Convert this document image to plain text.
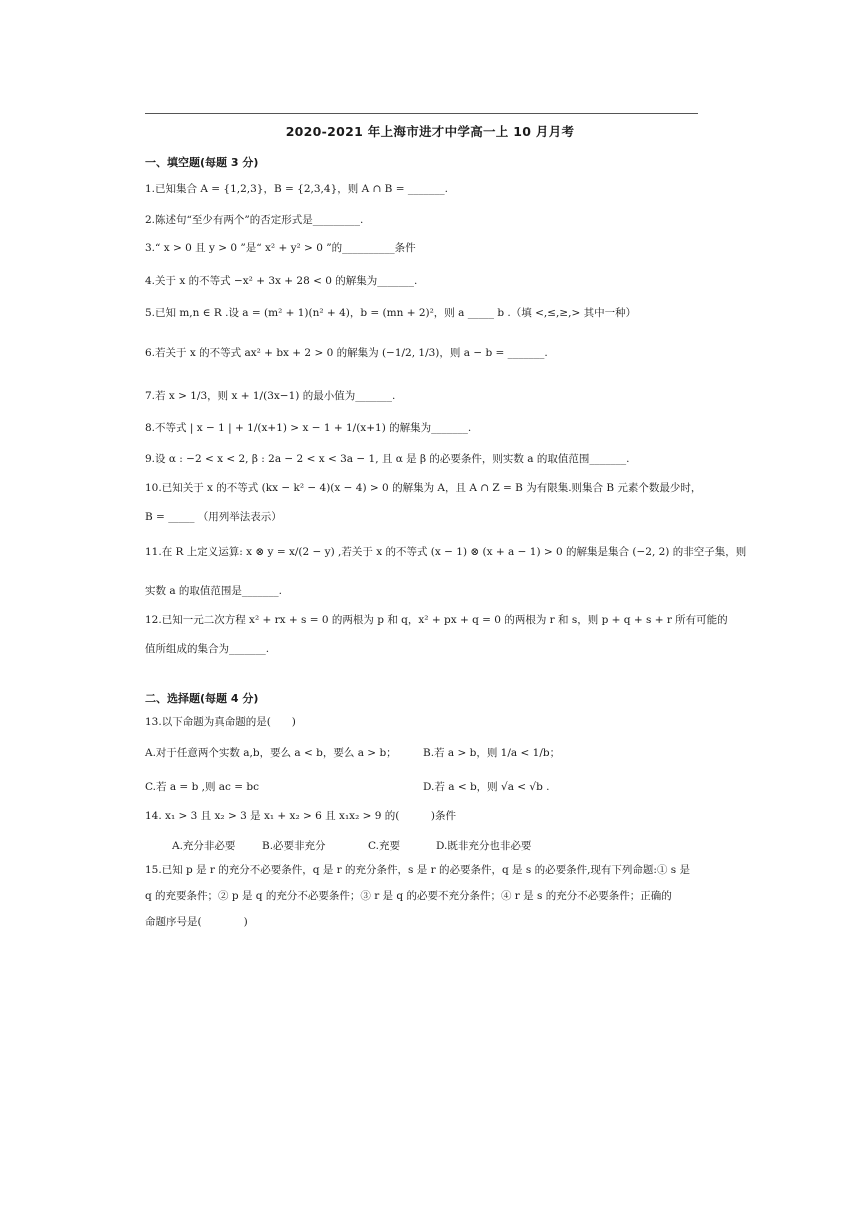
2020-2021 年上海市进才中学高一上 10 月月考
一、填空题(每题 3 分)
1.已知集合 A = {1,2,3}，B = {2,3,4}，则 A ∩ B = _______.
2.陈述句“至少有两个”的否定形式是_________.
3.“ x > 0 且 y > 0 ”是“ x² + y² > 0 ”的__________条件
4.关于 x 的不等式 −x² + 3x + 28 < 0 的解集为_______.
5.已知 m,n ∈ R .设 a = (m² + 1)(n² + 4)，b = (mn + 2)²，则 a _____ b .（填 <,≤,≥,> 其中一种）
6.若关于 x 的不等式 ax² + bx + 2 > 0 的解集为 (−1/2, 1/3)，则 a − b = _______.
7.若 x > 1/3，则 x + 1/(3x−1) 的最小值为_______.
8.不等式 | x − 1 | + 1/(x+1) > x − 1 + 1/(x+1) 的解集为_______.
9.设 α : −2 < x < 2, β : 2a − 2 < x < 3a − 1, 且 α 是 β 的必要条件，则实数 a 的取值范围_______.
10.已知关于 x 的不等式 (kx − k² − 4)(x − 4) > 0 的解集为 A，且 A ∩ Z = B 为有限集.则集合 B 元素个数最少时，
B = _____ （用列举法表示）
11.在 R 上定义运算: x ⊗ y = x/(2 − y) ,若关于 x 的不等式 (x − 1) ⊗ (x + a − 1) > 0 的解集是集合 (−2, 2) 的非空子集，则
实数 a 的取值范围是_______.
12.已知一元二次方程 x² + rx + s = 0 的两根为 p 和 q，x² + px + q = 0 的两根为 r 和 s，则 p + q + s + r 所有可能的
值所组成的集合为_______.
二、选择题(每题 4 分)
13.以下命题为真命题的是(　　)
A.对于任意两个实数 a,b，要么 a < b，要么 a > b；	B.若 a > b，则 1/a < 1/b；
C.若 a = b ,则 ac = bc	D.若 a < b，则 √a < √b .
14. x₁ > 3 且 x₂ > 3 是 x₁ + x₂ > 6 且 x₁x₂ > 9 的(　　　)条件
A.充分非必要	B.必要非充分	C.充要	D.既非充分也非必要
15.已知 p 是 r 的充分不必要条件，q 是 r 的充分条件，s 是 r 的必要条件，q 是 s 的必要条件,现有下列命题:① s 是
q 的充要条件；② p 是 q 的充分不必要条件；③ r 是 q 的必要不充分条件；④ r 是 s 的充分不必要条件；正确的
命题序号是(　　　　)
